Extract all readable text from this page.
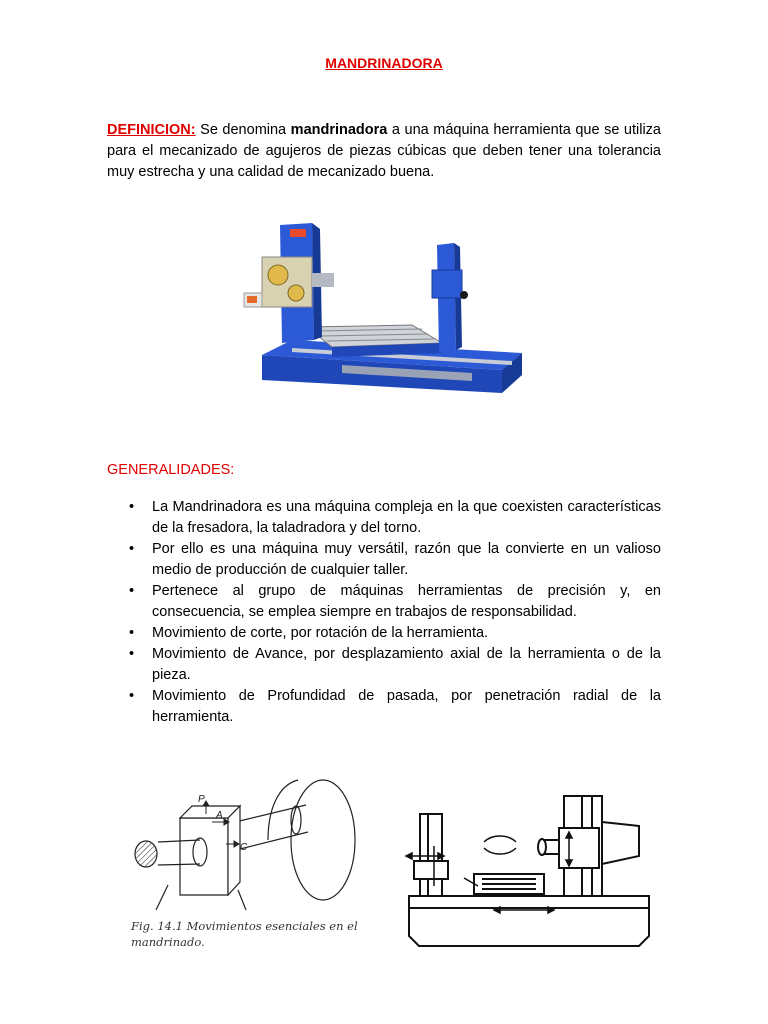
MANDRINADORA
DEFINICION: Se denomina mandrinadora a una máquina herramienta que se utiliza para el mecanizado de agujeros de piezas cúbicas que deben tener una tolerancia muy estrecha y una calidad de mecanizado buena.
GENERALIDADES:
• La Mandrinadora es una máquina compleja en la que coexisten características de la fresadora, la taladradora y del torno.
• Por ello es una máquina muy versátil, razón que la convierte en un valioso medio de producción de cualquier taller.
• Pertenece al grupo de máquinas herramientas de precisión y, en consecuencia, se emplea siempre en trabajos de responsabilidad.
• Movimiento de corte, por rotación de la herramienta.
• Movimiento de Avance, por desplazamiento axial de la herramienta o de la pieza.
• Movimiento de Profundidad de pasada, por penetración radial de la herramienta.
P
A
C
Fig. 14.1 Movimientos esenciales en el
mandrinado.
